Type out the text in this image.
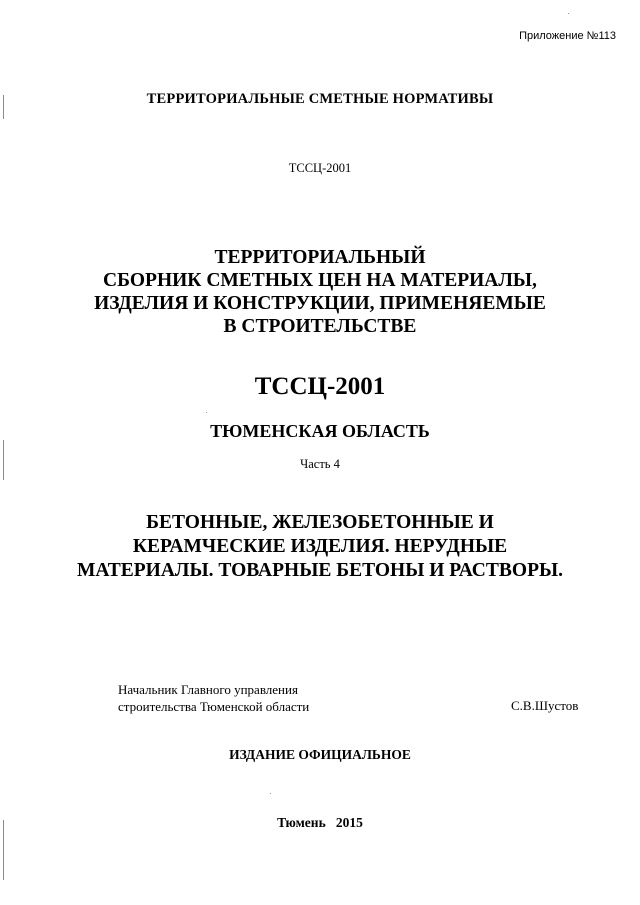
Приложение №113
ТЕРРИТОРИАЛЬНЫЕ СМЕТНЫЕ НОРМАТИВЫ
ТССЦ-2001
ТЕРРИТОРИАЛЬНЫЙ
СБОРНИК СМЕТНЫХ ЦЕН НА МАТЕРИАЛЫ,
ИЗДЕЛИЯ И КОНСТРУКЦИИ, ПРИМЕНЯЕМЫЕ
В СТРОИТЕЛЬСТВЕ
ТССЦ-2001
ТЮМЕНСКАЯ ОБЛАСТЬ
Часть 4
БЕТОННЫЕ, ЖЕЛЕЗОБЕТОННЫЕ И
КЕРАМЧЕСКИЕ ИЗДЕЛИЯ. НЕРУДНЫЕ
МАТЕРИАЛЫ. ТОВАРНЫЕ БЕТОНЫ И РАСТВОРЫ.
Начальник Главного управления
строительства Тюменской области	С.В.Шустов
ИЗДАНИЕ ОФИЦИАЛЬНОЕ
Тюмень   2015
